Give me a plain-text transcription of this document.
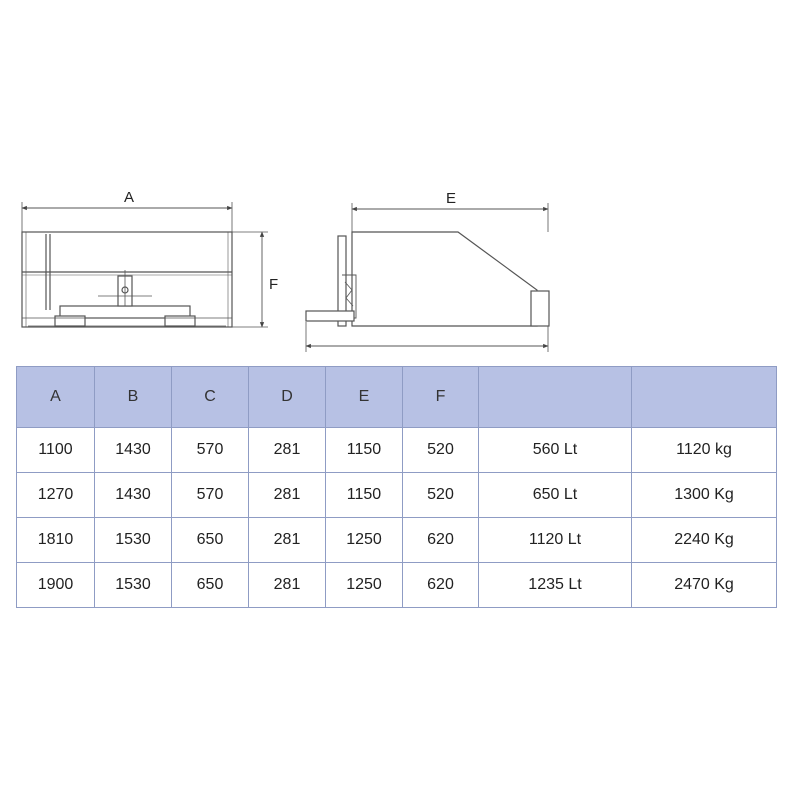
A
F
E
A	B	C	D	E	F		
1100	1430	570	281	1150	520	560 Lt	1120 kg
1270	1430	570	281	1150	520	650 Lt	1300 Kg
1810	1530	650	281	1250	620	1120 Lt	2240 Kg
1900	1530	650	281	1250	620	1235 Lt	2470 Kg
